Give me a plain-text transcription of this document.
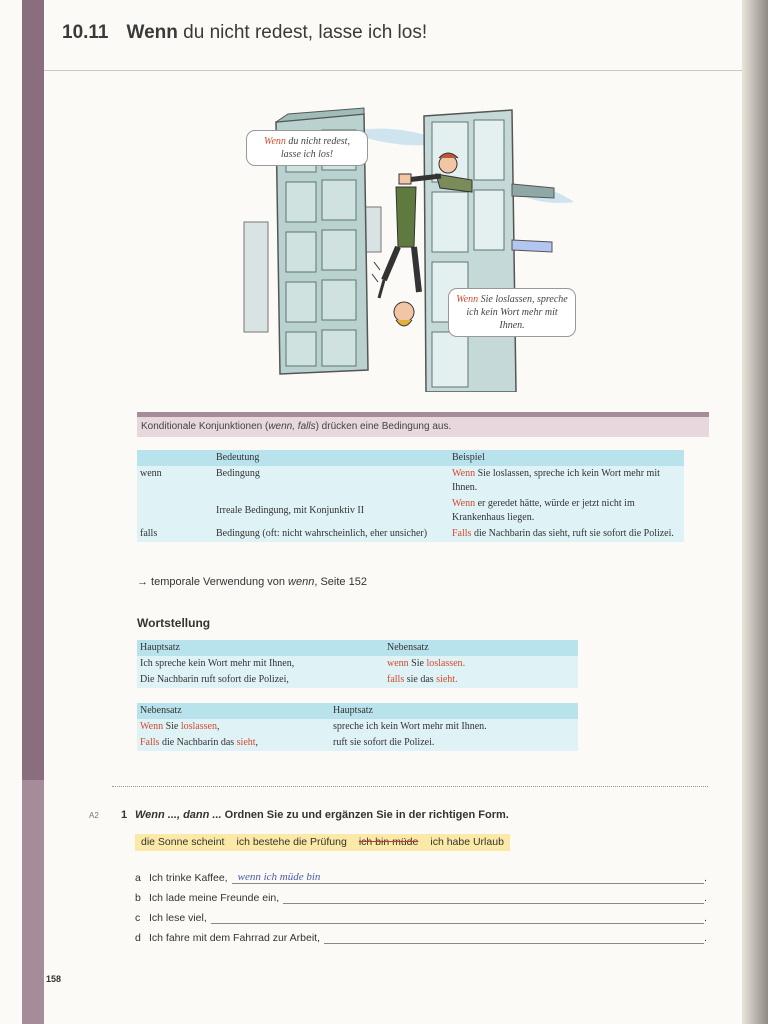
10.11 Wenn du nicht redest, lasse ich los!
Wenn du nicht redest, lasse ich los!
Wenn Sie loslassen, spreche ich kein Wort mehr mit Ihnen.
Konditionale Konjunktionen (wenn, falls) drücken eine Bedingung aus.
	Bedeutung	Beispiel
wenn	Bedingung	Wenn Sie loslassen, spreche ich kein Wort mehr mit Ihnen.
	Irreale Bedingung, mit Konjunktiv II	Wenn er geredet hätte, würde er jetzt nicht im Krankenhaus liegen.
falls	Bedingung (oft: nicht wahrscheinlich, eher unsicher)	Falls die Nachbarin das sieht, ruft sie sofort die Polizei.
→ temporale Verwendung von wenn, Seite 152
Wortstellung
Hauptsatz	Nebensatz
Ich spreche kein Wort mehr mit Ihnen,	wenn Sie loslassen.
Die Nachbarin ruft sofort die Polizei,	falls sie das sieht.
Nebensatz	Hauptsatz
Wenn Sie loslassen,	spreche ich kein Wort mehr mit Ihnen.
Falls die Nachbarin das sieht,	ruft sie sofort die Polizei.
A2	1 Wenn ..., dann ... Ordnen Sie zu und ergänzen Sie in der richtigen Form.
die Sonne scheint	ich bestehe die Prüfung	ich bin müde	ich habe Urlaub
a Ich trinke Kaffee, wenn ich müde bin	.
b Ich lade meine Freunde ein,	.
c Ich lese viel,	.
d Ich fahre mit dem Fahrrad zur Arbeit,	.
158
